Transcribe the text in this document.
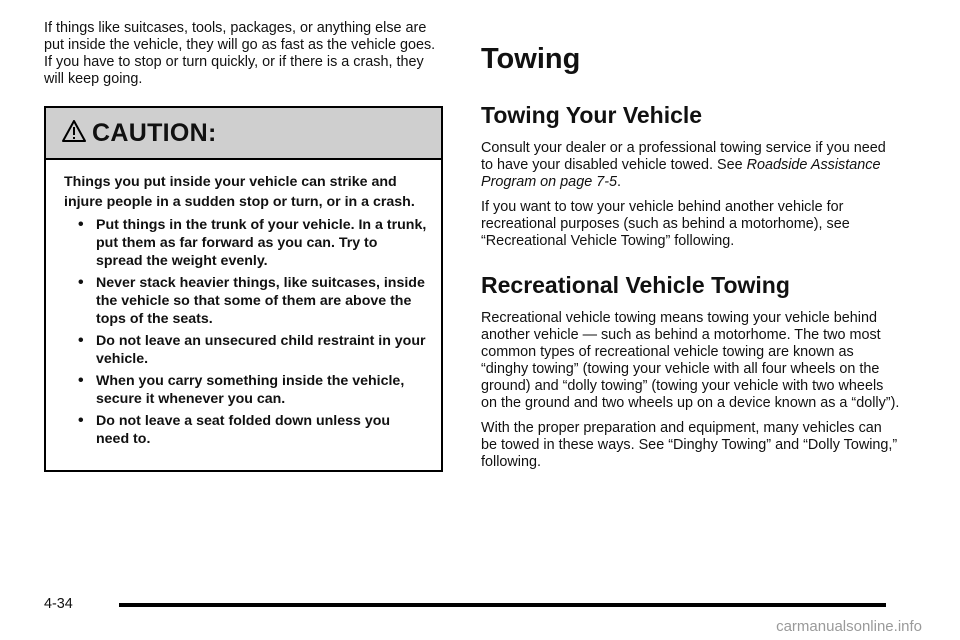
If things like suitcases, tools, packages, or anything else are put inside the vehicle, they will go as fast as the vehicle goes. If you have to stop or turn quickly, or if there is a crash, they will keep going.

CAUTION:

Things you put inside your vehicle can strike and injure people in a sudden stop or turn, or in a crash.

• Put things in the trunk of your vehicle. In a trunk, put them as far forward as you can. Try to spread the weight evenly.
• Never stack heavier things, like suitcases, inside the vehicle so that some of them are above the tops of the seats.
• Do not leave an unsecured child restraint in your vehicle.
• When you carry something inside the vehicle, secure it whenever you can.
• Do not leave a seat folded down unless you need to.
Towing
Towing Your Vehicle

Consult your dealer or a professional towing service if you need to have your disabled vehicle towed. See Roadside Assistance Program on page 7-5.

If you want to tow your vehicle behind another vehicle for recreational purposes (such as behind a motorhome), see “Recreational Vehicle Towing” following.

Recreational Vehicle Towing

Recreational vehicle towing means towing your vehicle behind another vehicle — such as behind a motorhome. The two most common types of recreational vehicle towing are known as “dinghy towing” (towing your vehicle with all four wheels on the ground) and “dolly towing” (towing your vehicle with two wheels on the ground and two wheels up on a device known as a “dolly”).

With the proper preparation and equipment, many vehicles can be towed in these ways. See “Dinghy Towing” and “Dolly Towing,” following.

4-34
carmanualsonline.info
